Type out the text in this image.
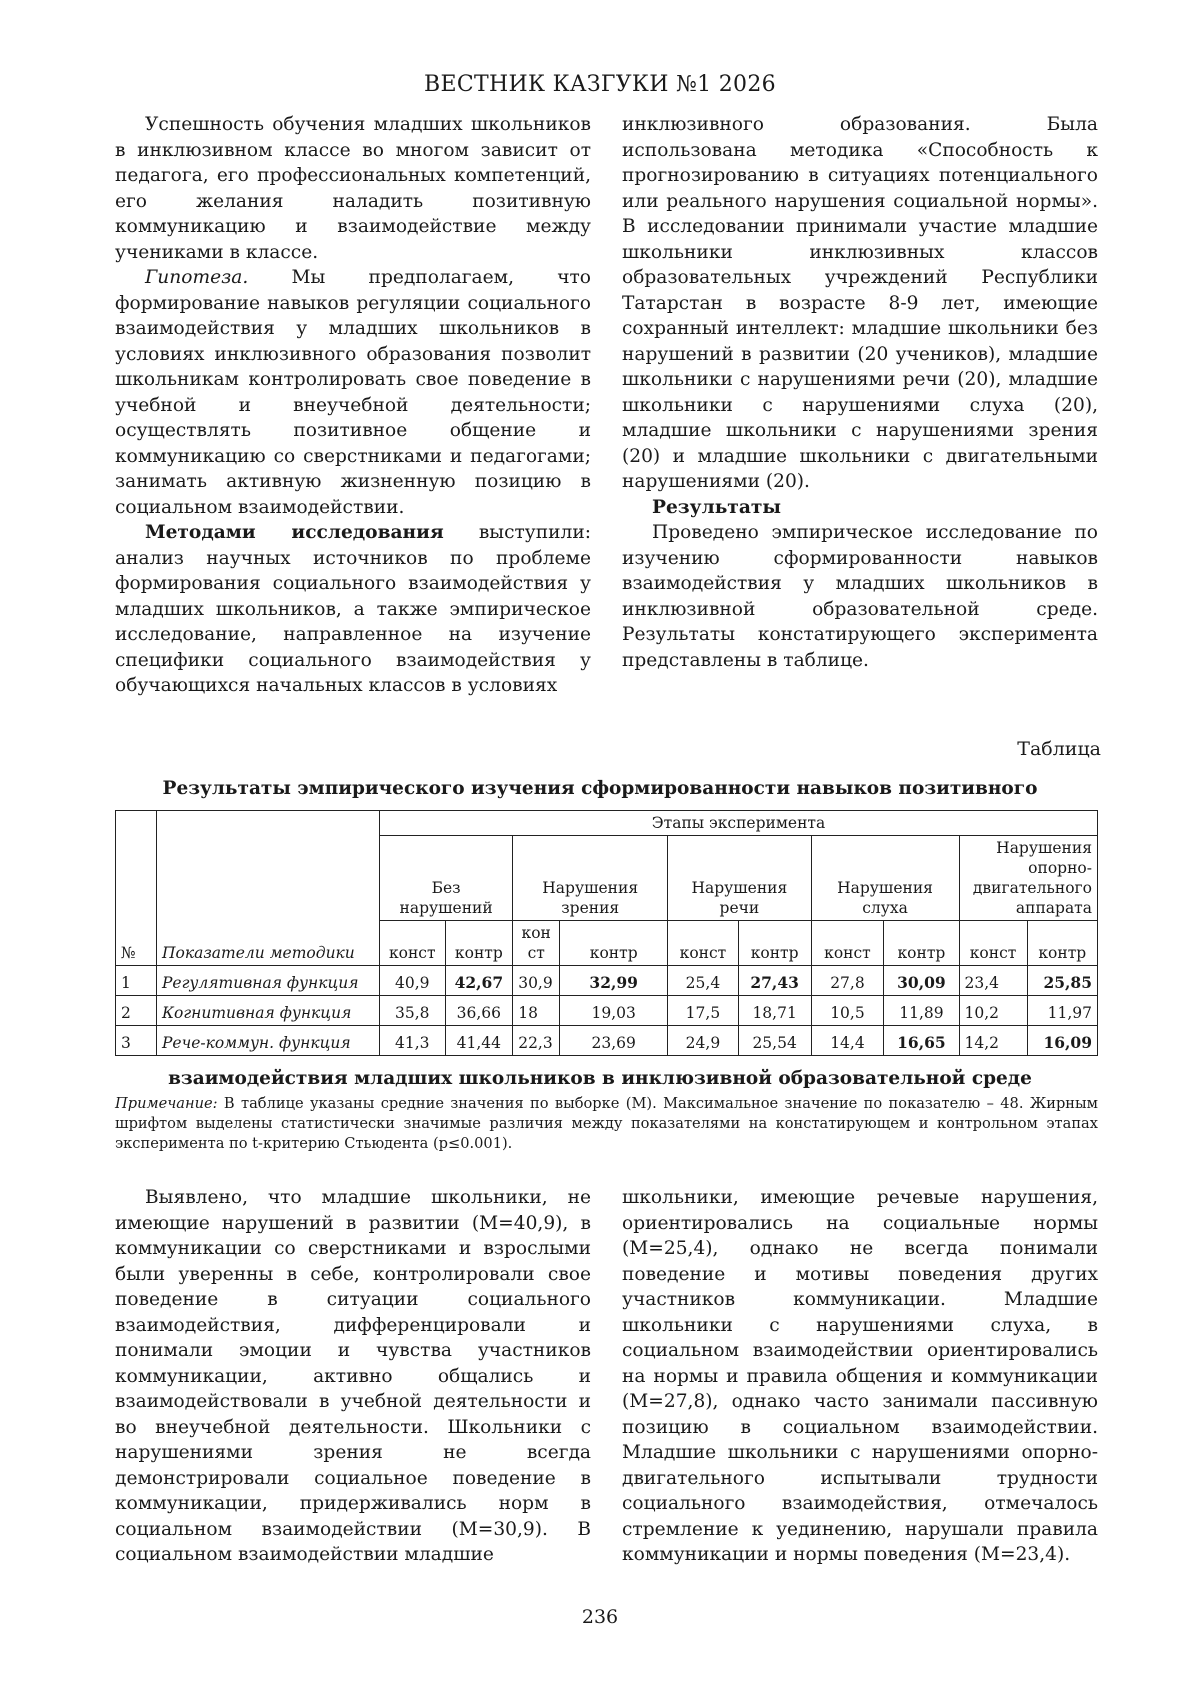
ВЕСТНИК КАЗГУКИ №1 2026

Успешность обучения младших школьников в инклюзивном классе во многом зависит от педагога, его профессиональных компетенций, его желания наладить позитивную коммуникацию и взаимодействие между учениками в классе.

Гипотеза. Мы предполагаем, что формирование навыков регуляции социального взаимодействия у младших школьников в условиях инклюзивного образования позволит школьникам контролировать свое поведение в учебной и внеучебной деятельности; осуществлять позитивное общение и коммуникацию со сверстниками и педагогами; занимать активную жизненную позицию в социальном взаимодействии.

Методами исследования выступили: анализ научных источников по проблеме формирования социального взаимодействия у младших школьников, а также эмпирическое исследование, направленное на изучение специфики социального взаимодействия у обучающихся начальных классов в условиях

инклюзивного образования. Была использована методика «Способность к прогнозированию в ситуациях потенциального или реального нарушения социальной нормы». В исследовании принимали участие младшие школьники инклюзивных классов образовательных учреждений Республики Татарстан в возрасте 8-9 лет, имеющие сохранный интеллект: младшие школьники без нарушений в развитии (20 учеников), младшие школьники с нарушениями речи (20), младшие школьники с нарушениями слуха (20), младшие школьники с нарушениями зрения (20) и младшие школьники с двигательными нарушениями (20).

Результаты

Проведено эмпирическое исследование по изучению сформированности навыков взаимодействия у младших школьников в инклюзивной образовательной среде. Результаты констатирующего эксперимента представлены в таблице.

Таблица
Результаты эмпирического изучения сформированности навыков позитивного
№	Показатели методики	Этапы эксперимента									
		Без нарушений		Нарушения зрения		Нарушения речи		Нарушения слуха		Нарушения опорно-двигательного аппарата	
		конст	контр	кон ст	контр	конст	контр	конст	контр	конст	контр
1	Регулятивная функция	40,9	42,67	30,9	32,99	25,4	27,43	27,8	30,09	23,4	25,85
2	Когнитивная функция	35,8	36,66	18	19,03	17,5	18,71	10,5	11,89	10,2	11,97
3	Рече-коммун. функция	41,3	41,44	22,3	23,69	24,9	25,54	14,4	16,65	14,2	16,09
взаимодействия младших школьников в инклюзивной образовательной среде
Примечание: В таблице указаны средние значения по выборке (M). Максимальное значение по показателю – 48. Жирным шрифтом выделены статистически значимые различия между показателями на констатирующем и контрольном этапах эксперимента по t-критерию Стьюдента (p≤0.001).

Выявлено, что младшие школьники, не имеющие нарушений в развитии (M=40,9), в коммуникации со сверстниками и взрослыми были уверенны в себе, контролировали свое поведение в ситуации социального взаимодействия, дифференцировали и понимали эмоции и чувства участников коммуникации, активно общались и взаимодействовали в учебной деятельности и во внеучебной деятельности. Школьники с нарушениями зрения не всегда демонстрировали социальное поведение в коммуникации, придерживались норм в социальном взаимодействии (M=30,9). В социальном взаимодействии младшие

школьники, имеющие речевые нарушения, ориентировались на социальные нормы (M=25,4), однако не всегда понимали поведение и мотивы поведения других участников коммуникации. Младшие школьники с нарушениями слуха, в социальном взаимодействии ориентировались на нормы и правила общения и коммуникации (M=27,8), однако часто занимали пассивную позицию в социальном взаимодействии. Младшие школьники с нарушениями опорно-двигательного испытывали трудности социального взаимодействия, отмечалось стремление к уединению, нарушали правила коммуникации и нормы поведения (M=23,4).

236
